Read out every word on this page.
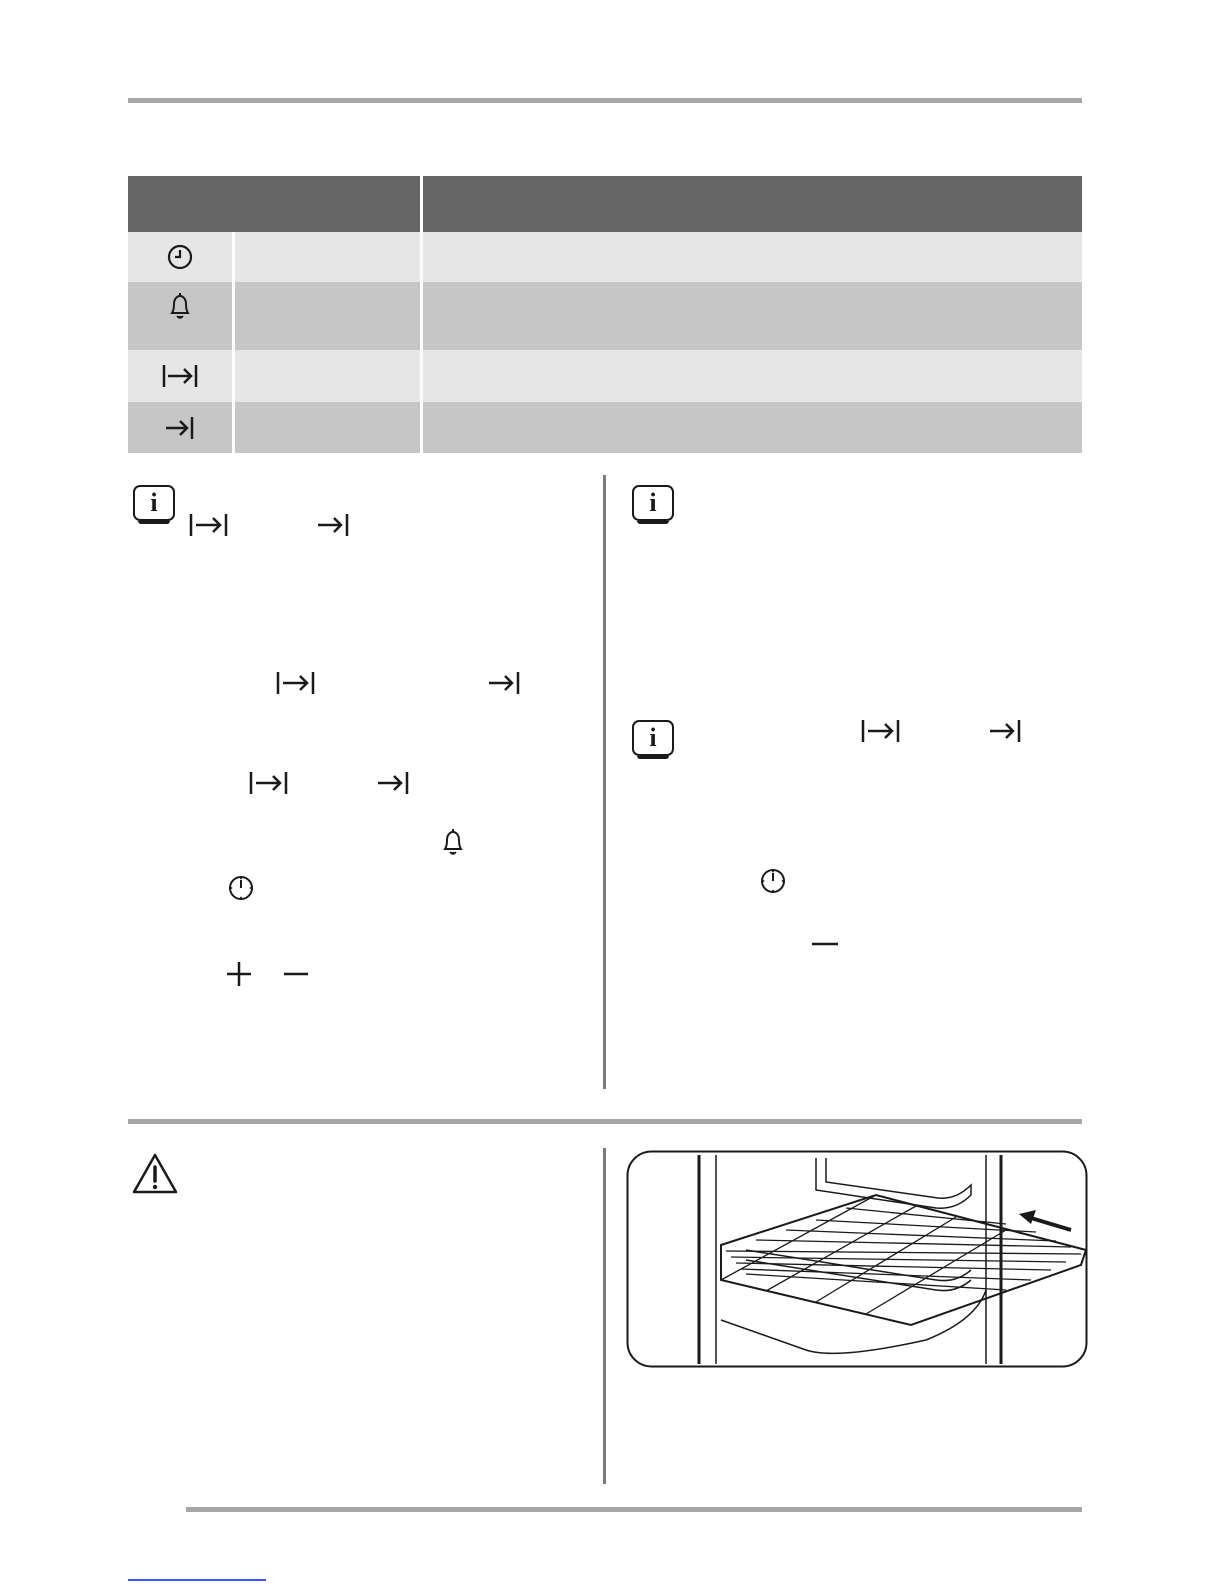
i	i
i
